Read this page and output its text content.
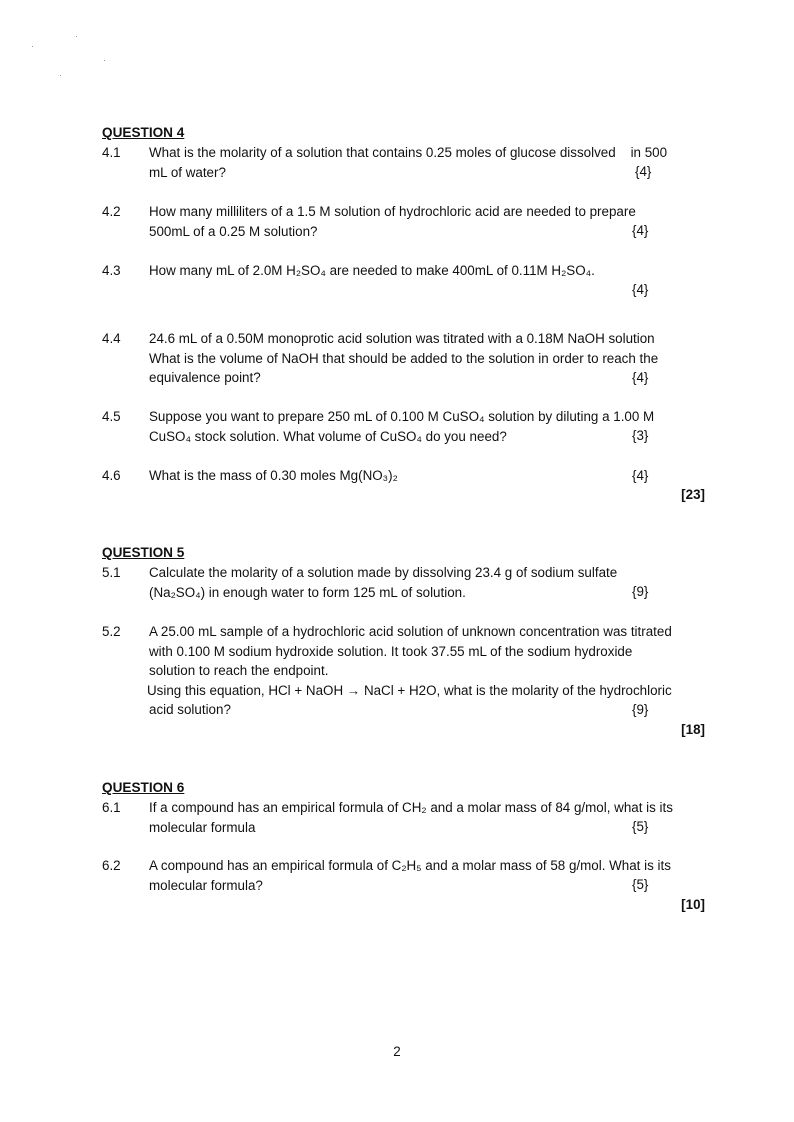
QUESTION 4
4.1 What is the molarity of a solution that contains 0.25 moles of glucose dissolved    in 500
mL of water?	{4}
4.2 How many milliliters of a 1.5 M solution of hydrochloric acid are needed to prepare
500mL of a 0.25 M solution?	{4}
4.3 How many mL of 2.0M H₂SO₄ are needed to make 400mL of 0.11M H₂SO₄.
{4}
4.4 24.6 mL of a 0.50M monoprotic acid solution was titrated with a 0.18M NaOH solution
What is the volume of NaOH that should be added to the solution in order to reach the
equivalence point?	{4}
4.5 Suppose you want to prepare 250 mL of 0.100 M CuSO₄ solution by diluting a 1.00 M
CuSO₄ stock solution. What volume of CuSO₄ do you need?	{3}
4.6 What is the mass of 0.30 moles Mg(NO₃)₂	{4}
[23]
QUESTION 5
5.1 Calculate the molarity of a solution made by dissolving 23.4 g of sodium sulfate
(Na₂SO₄) in enough water to form 125 mL of solution.	{9}
5.2 A 25.00 mL sample of a hydrochloric acid solution of unknown concentration was titrated
with 0.100 M sodium hydroxide solution. It took 37.55 mL of the sodium hydroxide
solution to reach the endpoint.
Using this equation, HCl + NaOH → NaCl + H2O, what is the molarity of the hydrochloric
acid solution?	{9}
[18]
QUESTION 6
6.1 If a compound has an empirical formula of CH₂ and a molar mass of 84 g/mol, what is its
molecular formula	{5}
6.2 A compound has an empirical formula of C₂H₅ and a molar mass of 58 g/mol. What is its
molecular formula?	{5}
[10]
2
